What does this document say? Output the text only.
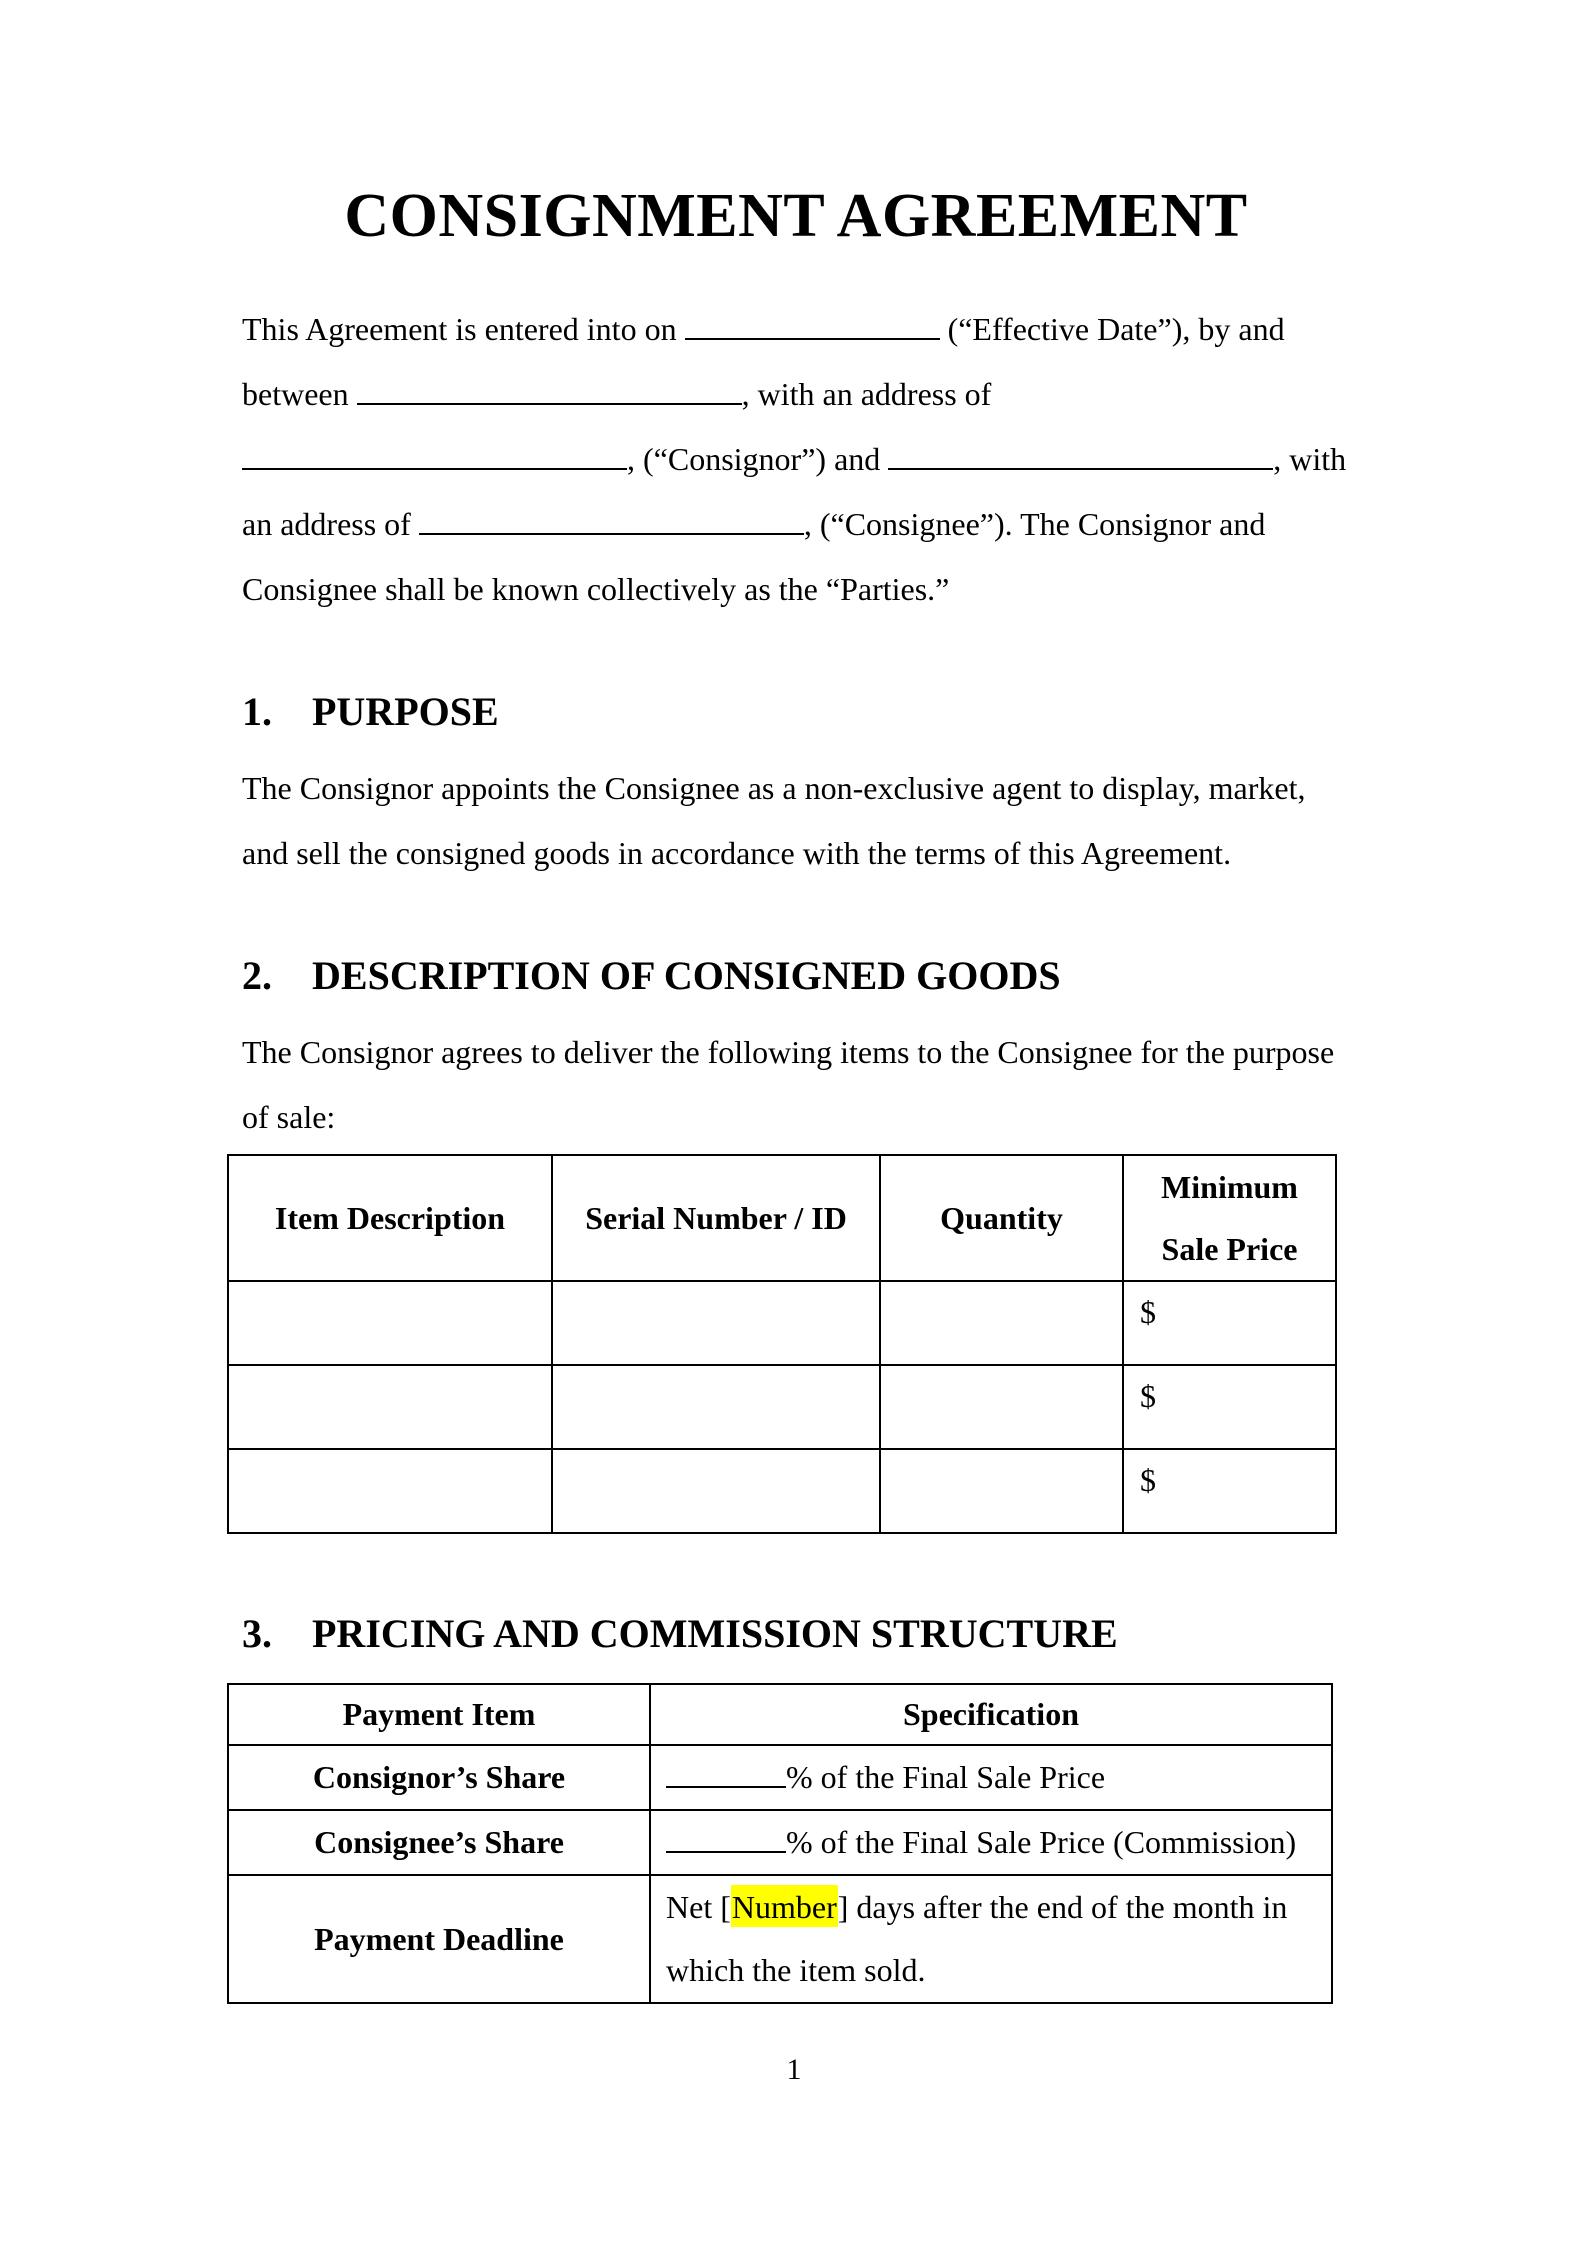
CONSIGNMENT AGREEMENT
This Agreement is entered into on	(“Effective Date”), by and
between	, with an address of
, (“Consignor”) and	, with
an address of	, (“Consignee”). The Consignor and
Consignee shall be known collectively as the “Parties.”
1. PURPOSE
The Consignor appoints the Consignee as a non-exclusive agent to display, market,
and sell the consigned goods in accordance with the terms of this Agreement.
2. DESCRIPTION OF CONSIGNED GOODS
The Consignor agrees to deliver the following items to the Consignee for the purpose
of sale:
Item Description	Serial Number / ID	Quantity	Minimum Sale Price
			$
			$
			$
3. PRICING AND COMMISSION STRUCTURE
Payment Item	Specification
Consignor’s Share	% of the Final Sale Price
Consignee’s Share	% of the Final Sale Price (Commission)
Payment Deadline	Net [Number] days after the end of the month in which the item sold.
1
